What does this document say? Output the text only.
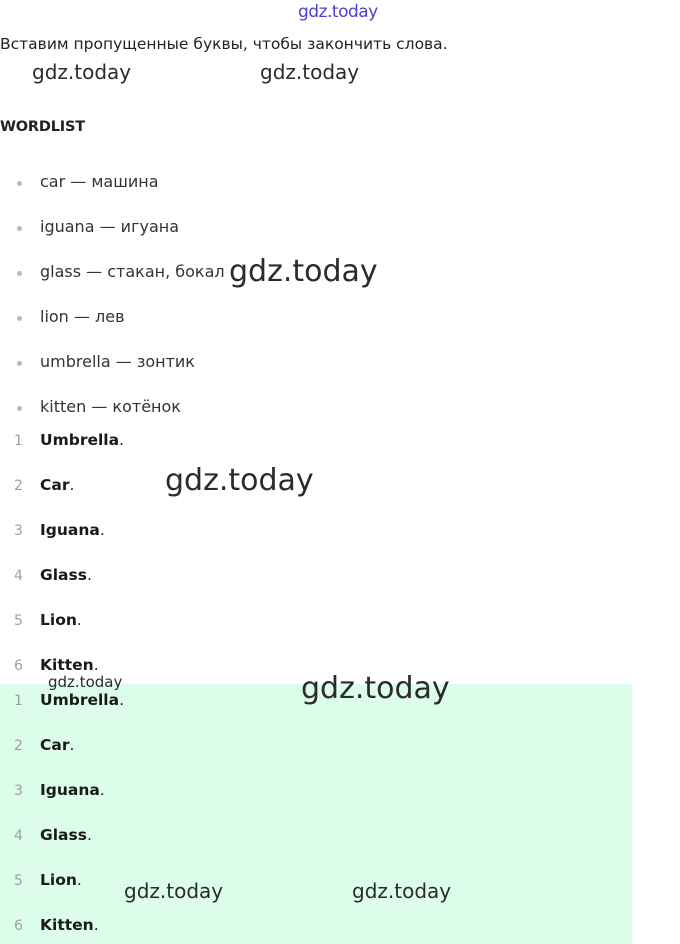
gdz.today
Вставим пропущенные буквы, чтобы закончить слова.
gdz.today	gdz.today
WORDLIST
car — машина
iguana — игуана
glass — стакан, бокал
lion — лев
umbrella — зонтик
kitten — котёнок
gdz.today
1 Umbrella.
2 Car.
3 Iguana.
4 Glass.
5 Lion.
6 Kitten.
gdz.today
gdz.today	gdz.today
1 Umbrella.
2 Car.
3 Iguana.
4 Glass.
5 Lion.
6 Kitten.
gdz.today	gdz.today
